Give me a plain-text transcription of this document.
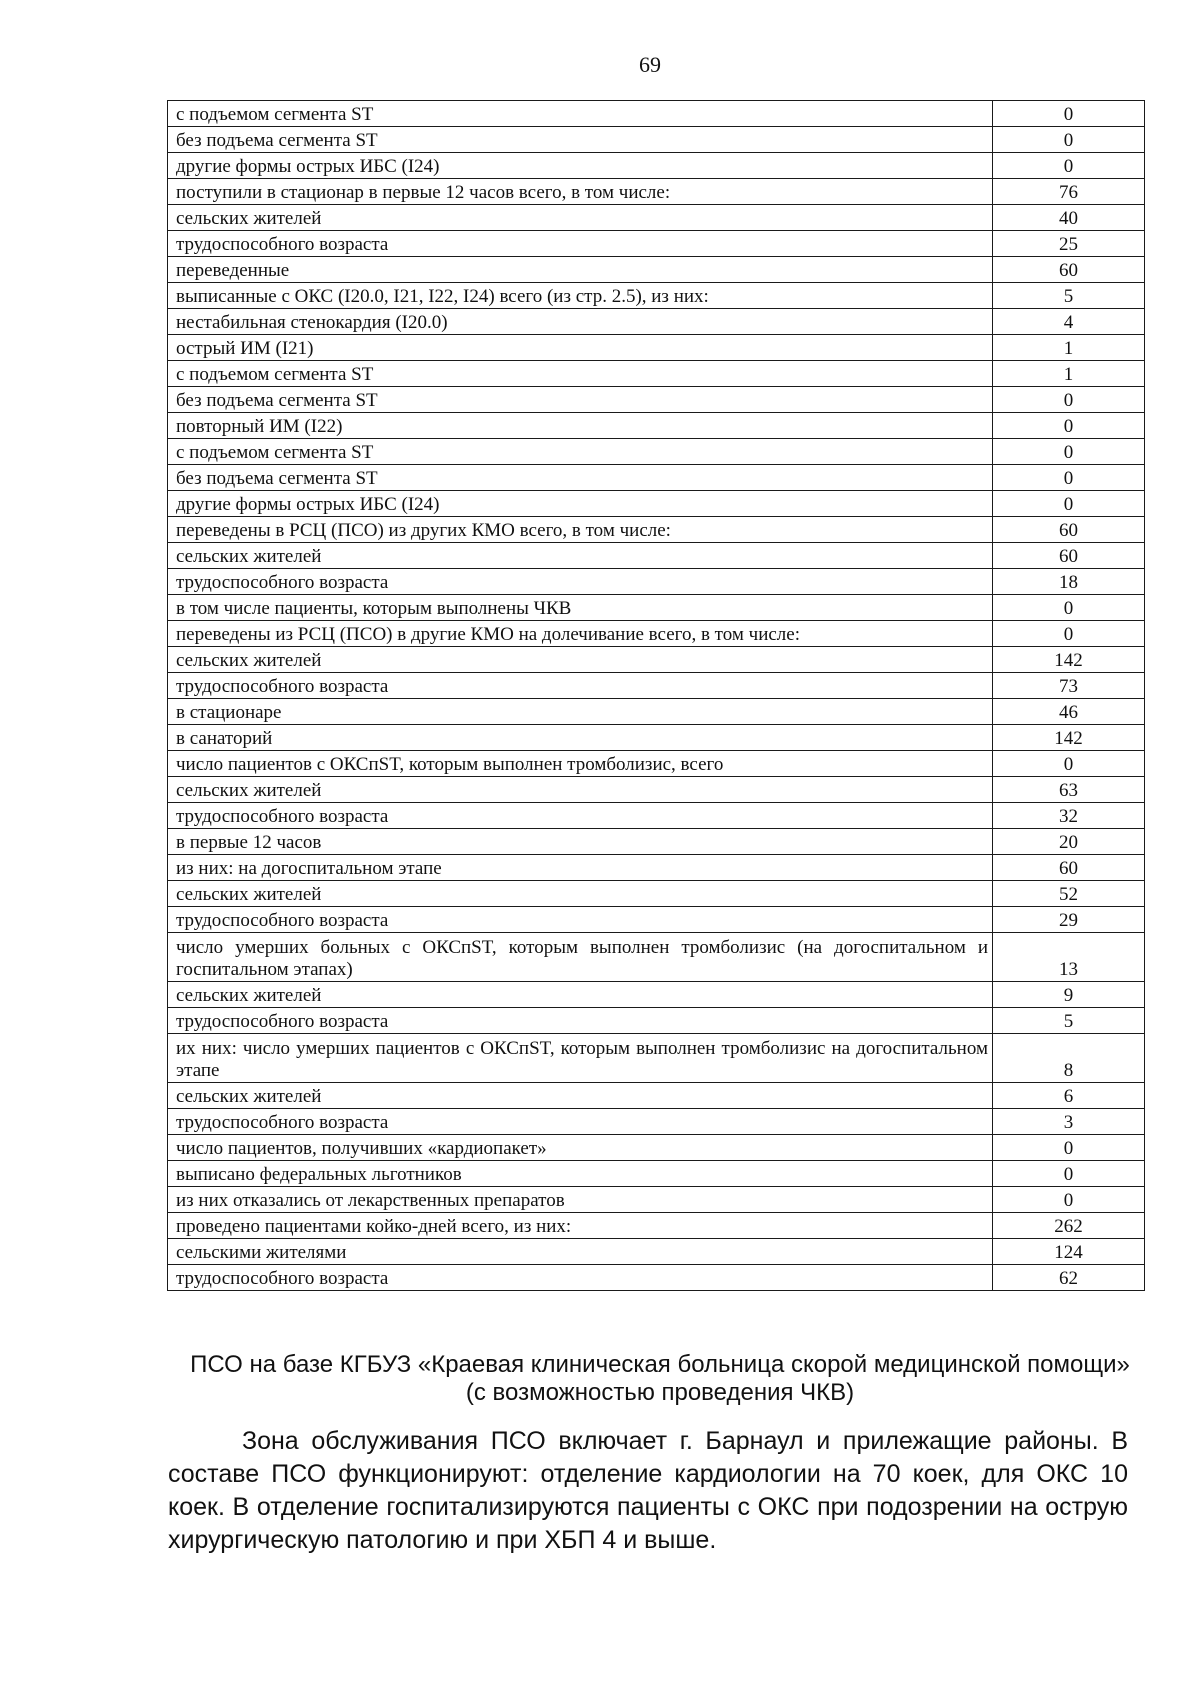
69
с подъемом сегмента ST	0
без подъема сегмента ST	0
другие формы острых ИБС (I24)	0
поступили в стационар в первые 12 часов всего, в том числе:	76
сельских жителей	40
трудоспособного возраста	25
переведенные	60
выписанные с ОКС (I20.0, I21, I22, I24) всего (из стр. 2.5), из них:	5
нестабильная стенокардия (I20.0)	4
острый ИМ (I21)	1
с подъемом сегмента ST	1
без подъема сегмента ST	0
повторный ИМ (I22)	0
с подъемом сегмента ST	0
без подъема сегмента ST	0
другие формы острых ИБС (I24)	0
переведены в РСЦ (ПСО) из других КМО всего, в том числе:	60
сельских жителей	60
трудоспособного возраста	18
в том числе пациенты, которым выполнены ЧКВ	0
переведены из РСЦ (ПСО) в другие КМО на долечивание всего, в том числе:	0
сельских жителей	142
трудоспособного возраста	73
в стационаре	46
в санаторий	142
число пациентов с ОКСпST, которым выполнен тромболизис, всего	0
сельских жителей	63
трудоспособного возраста	32
в первые 12 часов	20
из них: на догоспитальном этапе	60
сельских жителей	52
трудоспособного возраста	29
число умерших больных с ОКСпST, которым выполнен тромболизис (на догоспитальном и госпитальном этапах)	13
сельских жителей	9
трудоспособного возраста	5
их них: число умерших пациентов с ОКСпST, которым выполнен тромболизис на догоспитальном этапе	8
сельских жителей	6
трудоспособного возраста	3
число пациентов, получивших «кардиопакет»	0
выписано федеральных льготников	0
из них отказались от лекарственных препаратов	0
проведено пациентами койко-дней всего, из них:	262
сельскими жителями	124
трудоспособного возраста	62
ПСО на базе КГБУЗ «Краевая клиническая больница скорой медицинской помощи» (с возможностью проведения ЧКВ)
Зона обслуживания ПСО включает г. Барнаул и прилежащие районы. В составе ПСО функционируют: отделение кардиологии на 70 коек, для ОКС 10 коек. В отделение госпитализируются пациенты с ОКС при подозрении на острую хирургическую патологию и при ХБП 4 и выше.
